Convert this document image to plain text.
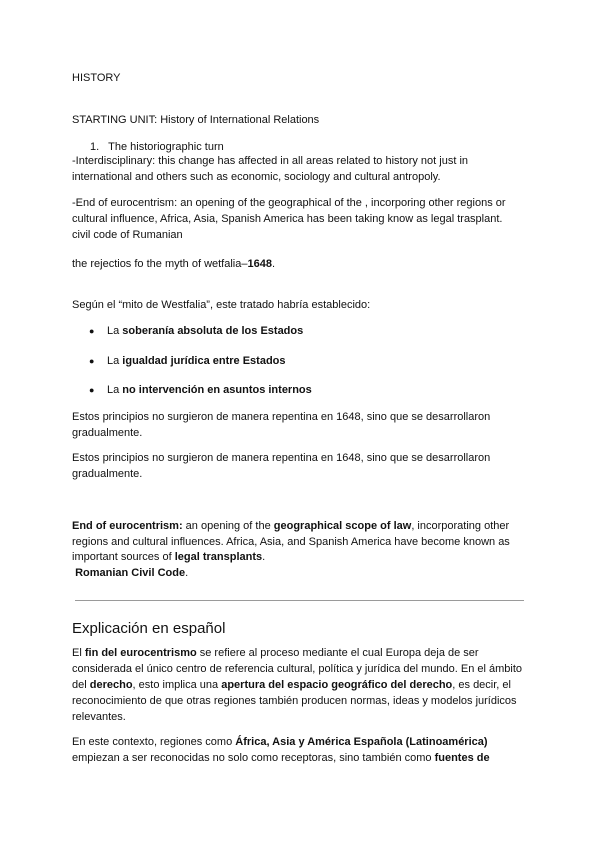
HISTORY
STARTING UNIT: History of International Relations
1. The historiographic turn
-Interdisciplinary: this change has affected in all areas related to history not just in international and others such as economic, sociology and cultural antropoly.
-End of eurocentrism: an opening of the geographical of the , incorporing other regions or cultural influence, Africa, Asia, Spanish America has been taking know as legal trasplant.
civil code of Rumanian
the rejectios fo the myth of wetfalia–1648.
Según el “mito de Westfalia”, este tratado habría establecido:
● La soberanía absoluta de los Estados
● La igualdad jurídica entre Estados
● La no intervención en asuntos internos
Estos principios no surgieron de manera repentina en 1648, sino que se desarrollaron gradualmente.
Estos principios no surgieron de manera repentina en 1648, sino que se desarrollaron gradualmente.
End of eurocentrism: an opening of the geographical scope of law, incorporating other regions and cultural influences. Africa, Asia, and Spanish America have become known as important sources of legal transplants.
Romanian Civil Code.
Explicación en español
El fin del eurocentrismo se refiere al proceso mediante el cual Europa deja de ser considerada el único centro de referencia cultural, política y jurídica del mundo. En el ámbito del derecho, esto implica una apertura del espacio geográfico del derecho, es decir, el reconocimiento de que otras regiones también producen normas, ideas y modelos jurídicos relevantes.
En este contexto, regiones como África, Asia y América Española (Latinoamérica) empiezan a ser reconocidas no solo como receptoras, sino también como fuentes de
